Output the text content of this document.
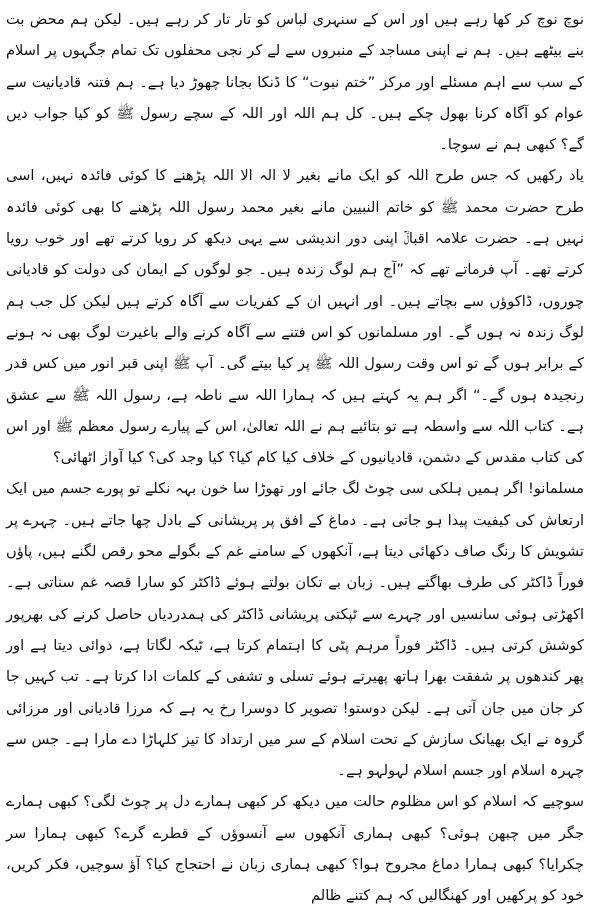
نوچ نوچ کر کھا رہے ہیں اور اس کے سنہری لباس کو تار تار کر رہے ہیں۔ لیکن ہم محض بت بنے بیٹھے ہیں۔ ہم نے اپنی مساجد کے منبروں سے لے کر نجی محفلوں تک تمام جگہوں پر اسلام کے سب سے اہم مسئلے اور مرکز ”ختم نبوت“ کا ڈنکا بجانا چھوڑ دیا ہے۔ ہم فتنہ قادیانیت سے عوام کو آگاہ کرنا بھول چکے ہیں۔ کل ہم اللہ اور اللہ کے سچے رسول ﷺ کو کیا جواب دیں گے؟ کبھی ہم نے سوچا۔

یاد رکھیں کہ جس طرح اللہ کو ایک مانے بغیر لا الہ الا اللہ پڑھنے کا کوئی فائدہ نہیں، اسی طرح حضرت محمد ﷺ کو خاتم النبیین مانے بغیر محمد رسول اللہ پڑھنے کا بھی کوئی فائدہ نہیں ہے۔ حضرت علامہ اقبالؒ اپنی دور اندیشی سے یہی دیکھ کر رویا کرتے تھے اور خوب رویا کرتے تھے۔ آپ فرماتے تھے کہ ”آج ہم لوگ زندہ ہیں۔ جو لوگوں کے ایمان کی دولت کو قادیانی چوروں، ڈاکوؤں سے بچاتے ہیں۔ اور انہیں ان کے کفریات سے آگاہ کرتے ہیں لیکن کل جب ہم لوگ زندہ نہ ہوں گے۔ اور مسلمانوں کو اس فتنے سے آگاہ کرنے والے باغیرت لوگ بھی نہ ہونے کے برابر ہوں گے تو اس وقت رسول اللہ ﷺ پر کیا بیتے گی۔ آپ ﷺ اپنی قبر انور میں کس قدر رنجیدہ ہوں گے۔“ اگر ہم یہ کہتے ہیں کہ ہمارا اللہ سے ناطہ ہے، رسول اللہ ﷺ سے عشق ہے۔ کتاب اللہ سے واسطہ ہے تو بتائیے ہم نے اللہ تعالیٰ، اس کے پیارے رسول معظم ﷺ اور اس کی کتاب مقدس کے دشمن، قادیانیوں کے خلاف کیا کام کیا؟ کیا وجد کی؟ کیا آواز اٹھائی؟

مسلمانو! اگر ہمیں ہلکی سی چوٹ لگ جائے اور تھوڑا سا خون بہہ نکلے تو پورے جسم میں ایک ارتعاش کی کیفیت پیدا ہو جاتی ہے۔ دماغ کے افق پر پریشانی کے بادل چھا جاتے ہیں۔ چہرے پر تشویش کا رنگ صاف دکھائی دیتا ہے، آنکھوں کے سامنے غم کے بگولے محو رقص لگنے ہیں، پاؤں فوراً ڈاکٹر کی طرف بھاگتے ہیں۔ زبان بے تکان بولتے ہوئے ڈاکٹر کو سارا قصہ غم سناتی ہے۔ اکھڑتی ہوئی سانسیں اور چہرے سے ٹپکتی پریشانی ڈاکٹر کی ہمدردیاں حاصل کرنے کی بھرپور کوشش کرتی ہیں۔ ڈاکٹر فوراً مرہم پٹی کا اہتمام کرتا ہے، ٹیکہ لگاتا ہے، دوائی دیتا ہے اور پھر کندھوں پر شفقت بھرا ہاتھ پھیرتے ہوئے تسلی و تشفی کے کلمات ادا کرتا ہے۔ تب کہیں جا کر جان میں جان آتی ہے۔ لیکن دوستو! تصویر کا دوسرا رخ یہ ہے کہ مرزا قادیانی اور مرزائی گروہ نے ایک بھیانک سازش کے تحت اسلام کے سر میں ارتداد کا تیز کلہاڑا دے مارا ہے۔ جس سے چہرہ اسلام اور جسم اسلام لہولہو ہے۔

سوچیے کہ اسلام کو اس مظلوم حالت میں دیکھ کر کبھی ہمارے دل پر چوٹ لگی؟ کبھی ہمارے جگر میں چبھن ہوئی؟ کبھی ہماری آنکھوں سے آنسوؤں کے قطرے گرے؟ کبھی ہمارا سر چکرایا؟ کبھی ہمارا دماغ مجروح ہوا؟ کبھی ہماری زبان نے احتجاج کیا؟ آؤ سوچیں، فکر کریں، خود کو پرکھیں اور کھنگالیں کہ ہم کتنے ظالم
